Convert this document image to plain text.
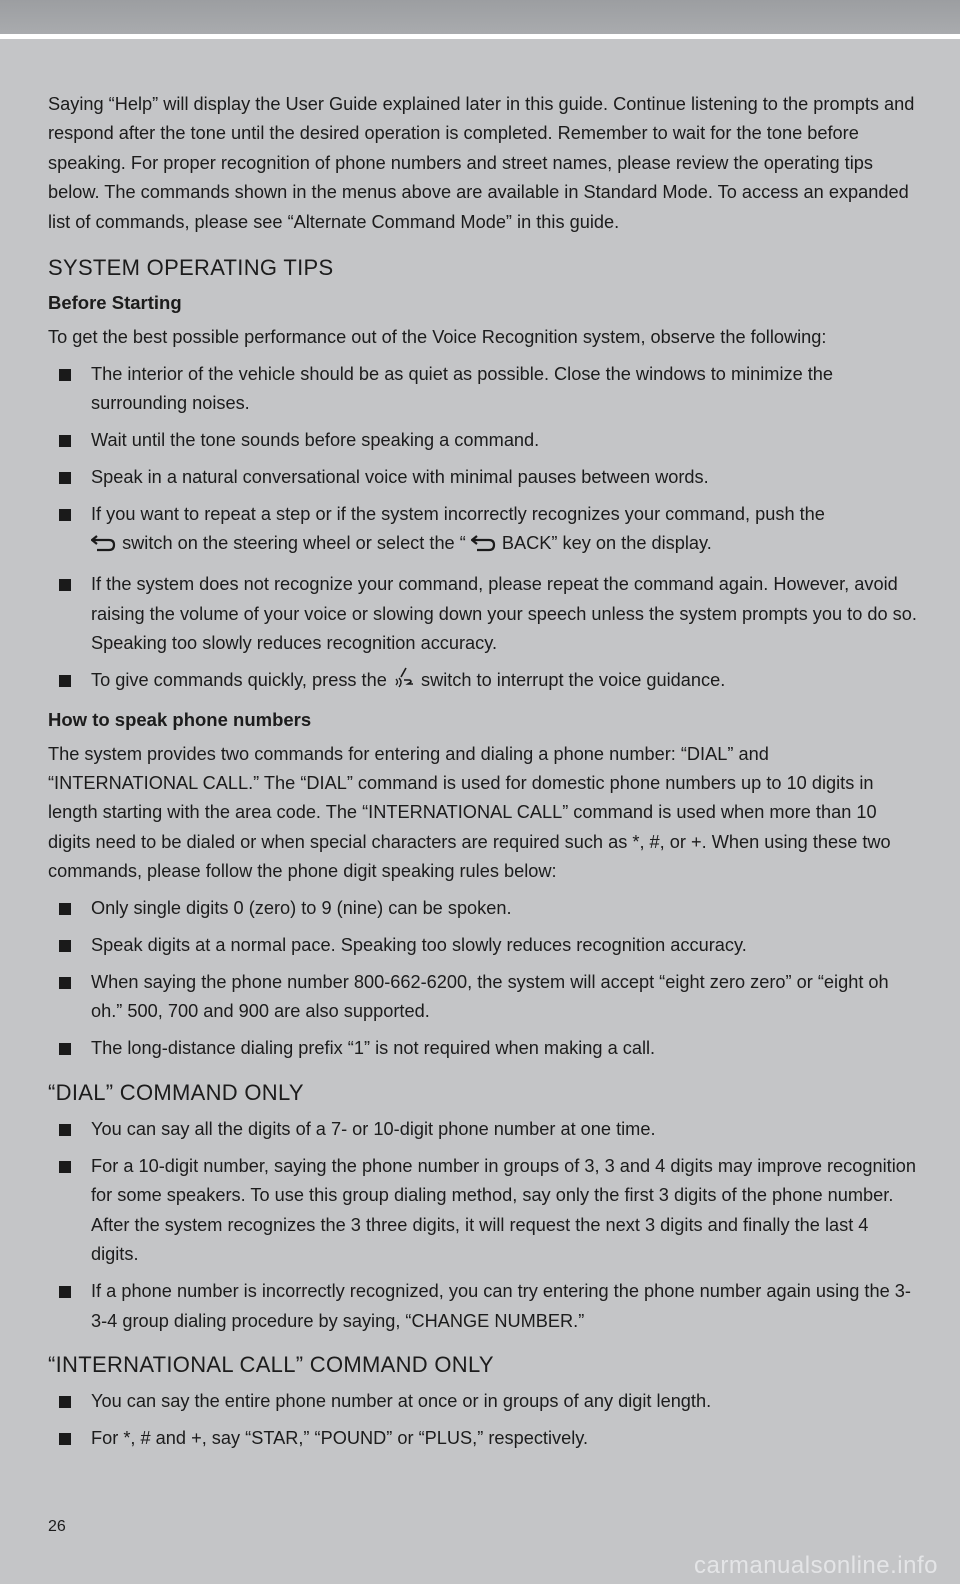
Saying “Help” will display the User Guide explained later in this guide. Continue listening to the prompts and respond after the tone until the desired operation is completed. Remember to wait for the tone before speaking. For proper recognition of phone numbers and street names, please review the operating tips below. The commands shown in the menus above are available in Standard Mode. To access an expanded list of commands, please see “Alternate Command Mode” in this guide.

SYSTEM OPERATING TIPS

Before Starting

To get the best possible performance out of the Voice Recognition system, observe the following:

The interior of the vehicle should be as quiet as possible. Close the windows to minimize the surrounding noises.
Wait until the tone sounds before speaking a command.
Speak in a natural conversational voice with minimal pauses between words.
If you want to repeat a step or if the system incorrectly recognizes your command, push the
switch on the steering wheel or select the “ BACK” key on the display.
If the system does not recognize your command, please repeat the command again. However, avoid raising the volume of your voice or slowing down your speech unless the system prompts you to do so. Speaking too slowly reduces recognition accuracy.
To give commands quickly, press the switch to interrupt the voice guidance.

How to speak phone numbers

The system provides two commands for entering and dialing a phone number: “DIAL” and “INTERNATIONAL CALL.” The “DIAL” command is used for domestic phone numbers up to 10 digits in length starting with the area code. The “INTERNATIONAL CALL” command is used when more than 10 digits need to be dialed or when special characters are required such as *, #, or +. When using these two commands, please follow the phone digit speaking rules below:

Only single digits 0 (zero) to 9 (nine) can be spoken.
Speak digits at a normal pace. Speaking too slowly reduces recognition accuracy.
When saying the phone number 800-662-6200, the system will accept “eight zero zero” or “eight oh oh.” 500, 700 and 900 are also supported.
The long-distance dialing prefix “1” is not required when making a call.

“DIAL” COMMAND ONLY

You can say all the digits of a 7- or 10-digit phone number at one time.
For a 10-digit number, saying the phone number in groups of 3, 3 and 4 digits may improve recognition for some speakers. To use this group dialing method, say only the first 3 digits of the phone number. After the system recognizes the 3 three digits, it will request the next 3 digits and finally the last 4 digits.
If a phone number is incorrectly recognized, you can try entering the phone number again using the 3-3-4 group dialing procedure by saying, “CHANGE NUMBER.”

“INTERNATIONAL CALL” COMMAND ONLY

You can say the entire phone number at once or in groups of any digit length.
For *, # and +, say “STAR,” “POUND” or “PLUS,” respectively.
26
carmanualsonline.info
